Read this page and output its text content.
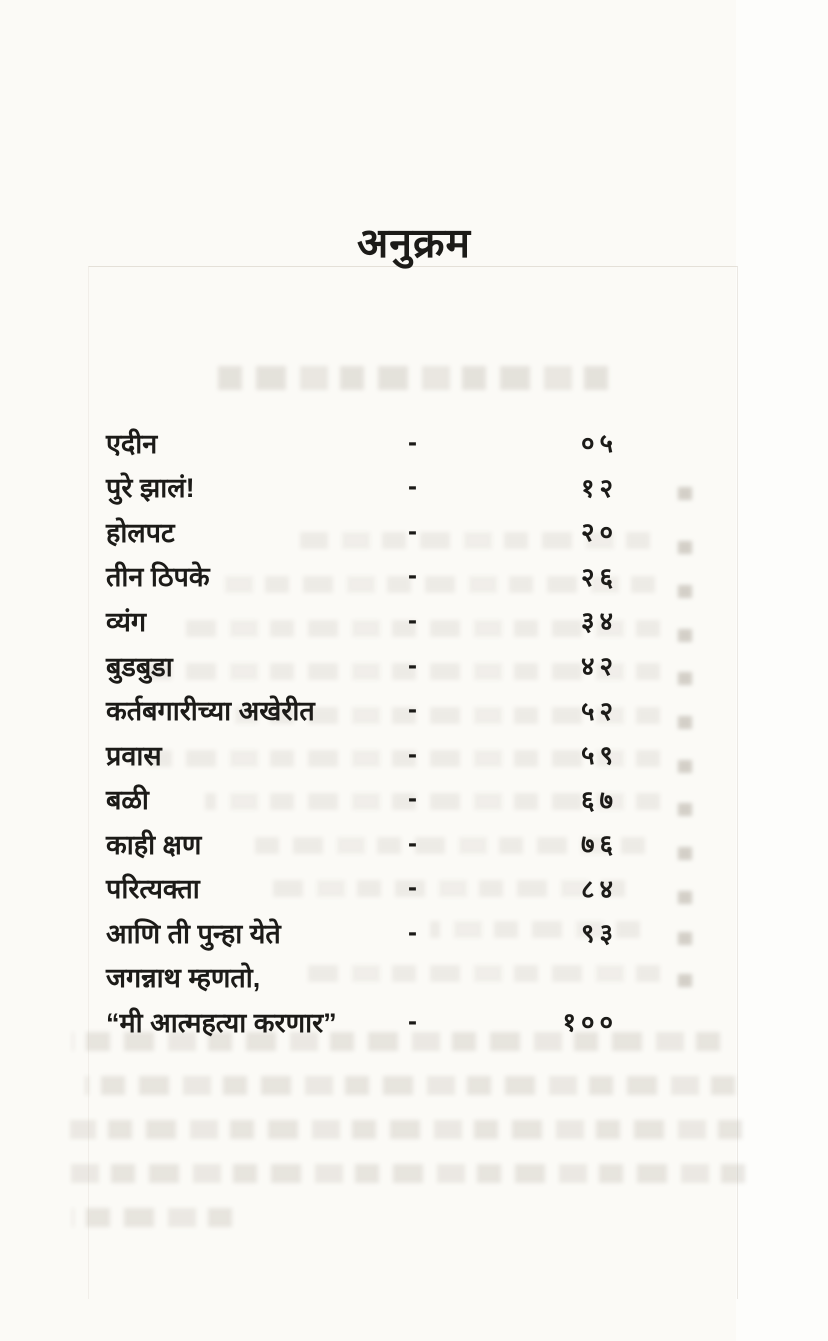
अनुक्रम
एदीन	-	०५
पुरे झालं!	-	१२
होलपट	-	२०
तीन ठिपके	-	२६
व्यंग	-	३४
बुडबुडा	-	४२
कर्तबगारीच्या अखेरीत	-	५२
प्रवास	-	५९
बळी	-	६७
काही क्षण	-	७६
परित्यक्ता	-	८४
आणि ती पुन्हा येते	-	९३
जगन्नाथ म्हणतो,
“मी आत्महत्या करणार”	-	१००
